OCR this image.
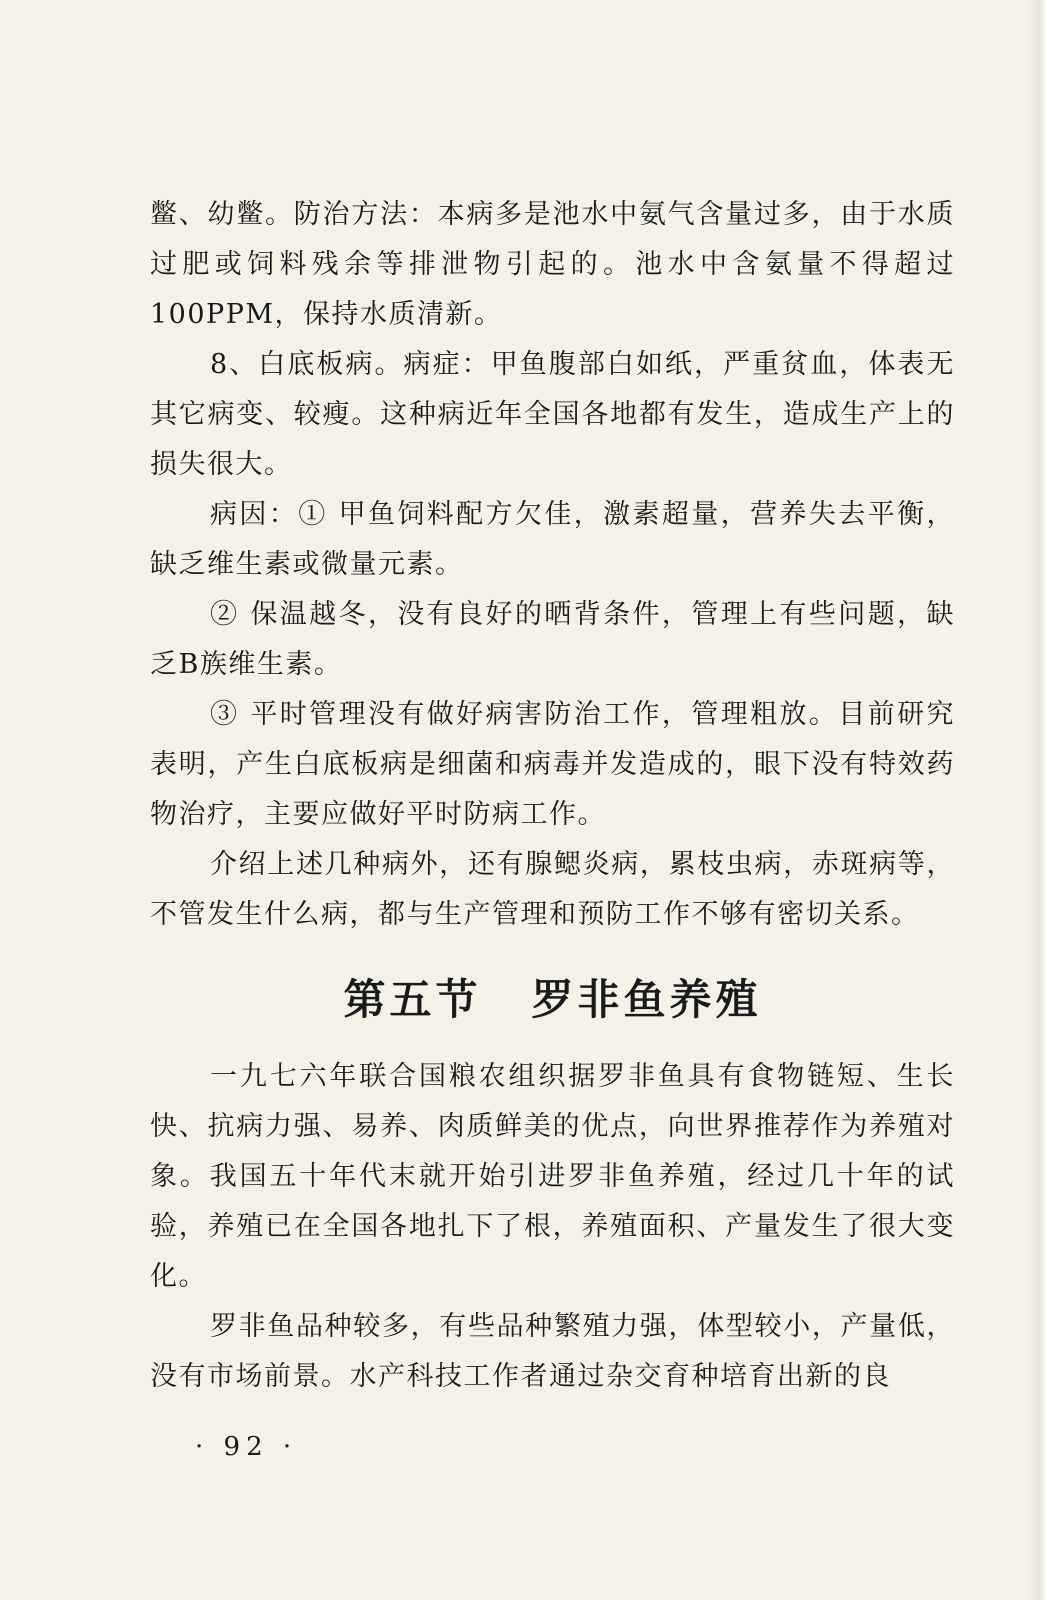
鳖、幼鳖。防治方法：本病多是池水中氨气含量过多，由于水质过肥或饲料残余等排泄物引起的。池水中含氨量不得超过100PPM，保持水质清新。

8、白底板病。病症：甲鱼腹部白如纸，严重贫血，体表无其它病变、较瘦。这种病近年全国各地都有发生，造成生产上的损失很大。

病因：① 甲鱼饲料配方欠佳，激素超量，营养失去平衡，缺乏维生素或微量元素。

② 保温越冬，没有良好的晒背条件，管理上有些问题，缺乏B族维生素。

③ 平时管理没有做好病害防治工作，管理粗放。目前研究表明，产生白底板病是细菌和病毒并发造成的，眼下没有特效药物治疗，主要应做好平时防病工作。

介绍上述几种病外，还有腺鳃炎病，累枝虫病，赤斑病等，不管发生什么病，都与生产管理和预防工作不够有密切关系。

第五节 罗非鱼养殖

一九七六年联合国粮农组织据罗非鱼具有食物链短、生长快、抗病力强、易养、肉质鲜美的优点，向世界推荐作为养殖对象。我国五十年代末就开始引进罗非鱼养殖，经过几十年的试验，养殖已在全国各地扎下了根，养殖面积、产量发生了很大变化。

罗非鱼品种较多，有些品种繁殖力强，体型较小，产量低，没有市场前景。水产科技工作者通过杂交育种培育出新的良

· 92 ·
